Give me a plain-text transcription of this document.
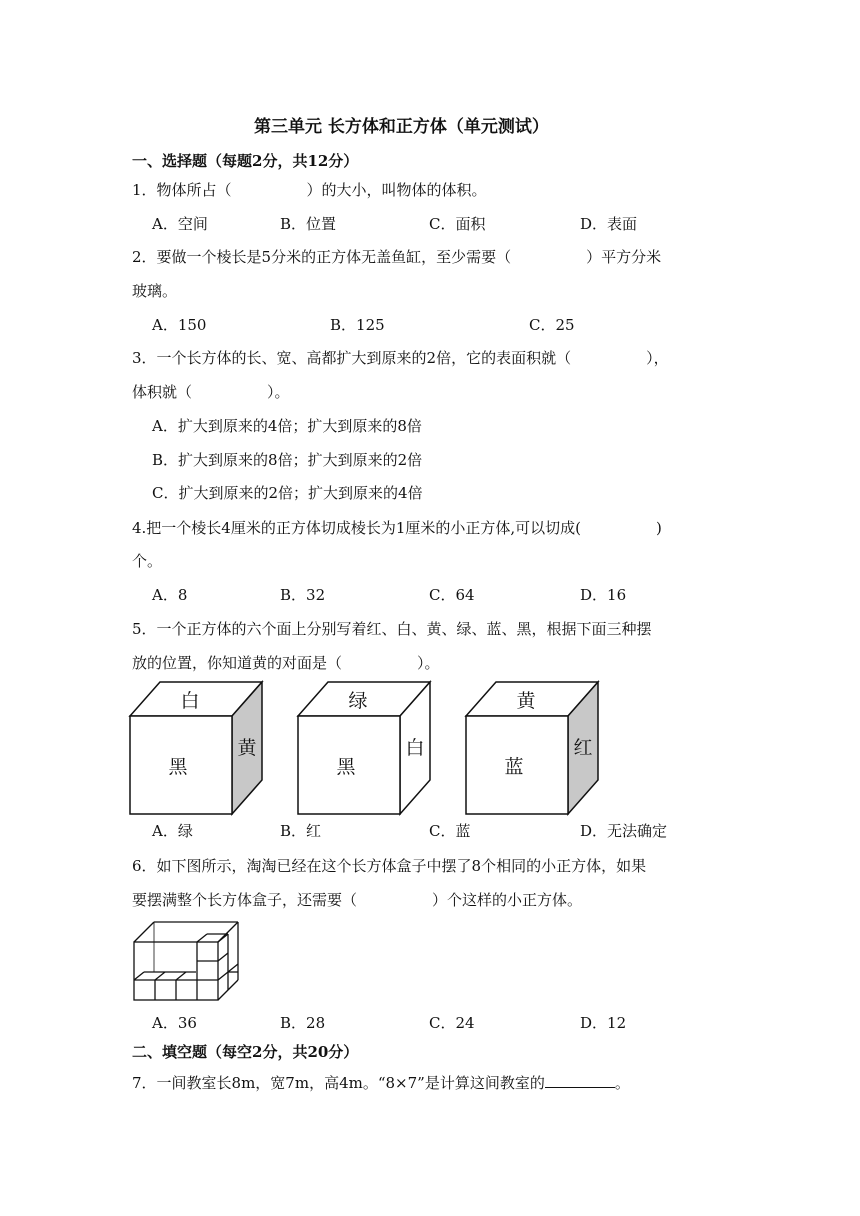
第三单元 长方体和正方体（单元测试）
一、选择题（每题2分，共12分）
1．物体所占（　　　　　）的大小，叫物体的体积。
A．空间	B．位置	C．面积	D．表面
2．要做一个棱长是5分米的正方体无盖鱼缸，至少需要（　　　　　）平方分米
玻璃。
A．150	B．125	C．25
3．一个长方体的长、宽、高都扩大到原来的2倍，它的表面积就（　　　　　），
体积就（　　　　　）。
A．扩大到原来的4倍；扩大到原来的8倍
B．扩大到原来的8倍；扩大到原来的2倍
C．扩大到原来的2倍；扩大到原来的4倍
4.把一个棱长4厘米的正方体切成棱长为1厘米的小正方体,可以切成(　　　　　)
个。
A．8	B．32	C．64	D．16
5．一个正方体的六个面上分别写着红、白、黄、绿、蓝、黑，根据下面三种摆
放的位置，你知道黄的对面是（　　　　　）。
白
黑
黄
绿
黑
白
黄
蓝
红
A．绿	B．红	C．蓝	D．无法确定
6．如下图所示，淘淘已经在这个长方体盒子中摆了8个相同的小正方体，如果
要摆满整个长方体盒子，还需要（　　　　　）个这样的小正方体。
A．36	B．28	C．24	D．12
二、填空题（每空2分，共20分）
7．一间教室长8m，宽7m，高4m。“8×7”是计算这间教室的	。
